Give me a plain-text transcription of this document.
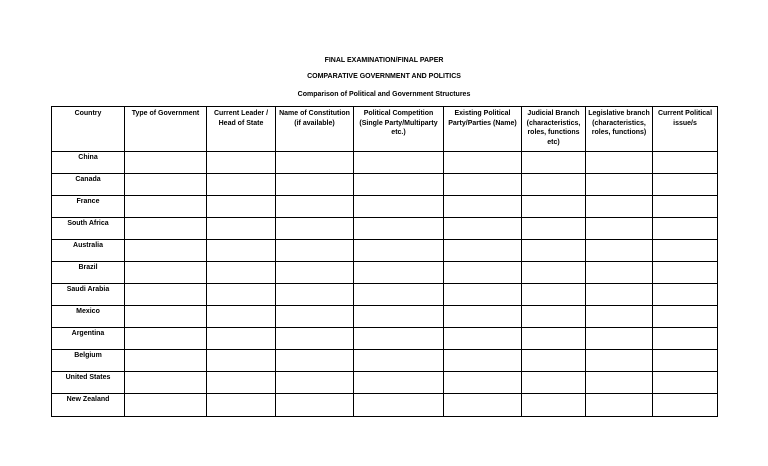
FINAL EXAMINATION/FINAL PAPER
COMPARATIVE GOVERNMENT AND POLITICS
Comparison of Political and Government Structures
Country	Type of Government	Current Leader / Head of State	Name of Constitution (if available)	Political Competition (Single Party/Multiparty etc.)	Existing Political Party/Parties (Name)	Judicial Branch (characteristics, roles, functions etc)	Legislative branch (characteristics, roles, functions)	Current Political issue/s
China								
Canada								
France								
South Africa								
Australia								
Brazil								
Saudi Arabia								
Mexico								
Argentina								
Belgium								
United States								
New Zealand								
